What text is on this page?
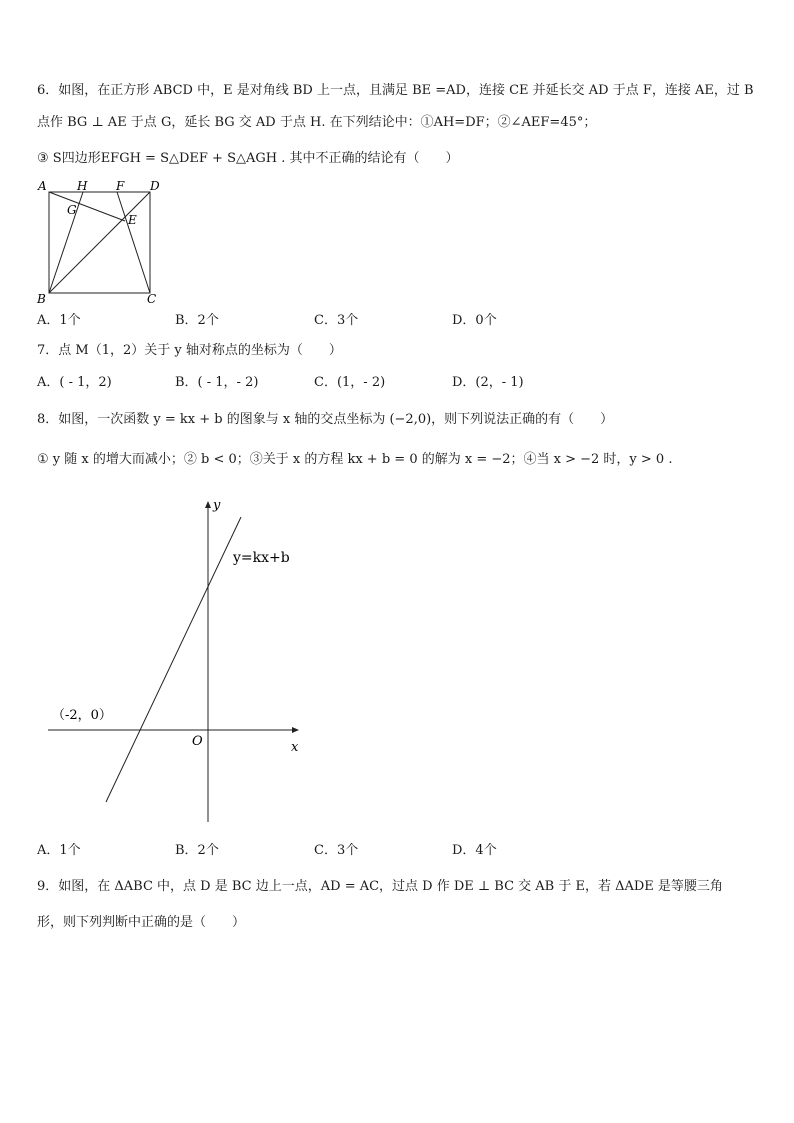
6．如图，在正方形 ABCD 中，E 是对角线 BD 上一点，且满足 BE =AD，连接 CE 并延长交 AD 于点 F，连接 AE，过 B
点作 BG ⊥ AE 于点 G，延长 BG 交 AD 于点 H. 在下列结论中：①AH=DF；②∠AEF=45°；
③ S四边形EFGH = S△DEF + S△AGH . 其中不正确的结论有（　　）
A	H F D
G
E
B	C
A．1个	B．2个	C．3个	D．0个
7．点 M（1，2）关于 y 轴对称点的坐标为（　　）
A．( - 1，2)	B．( - 1，- 2)	C．(1，- 2)	D．(2，- 1)
8．如图，一次函数 y = kx + b 的图象与 x 轴的交点坐标为 (−2,0)，则下列说法正确的有（　　）
① y 随 x 的增大而减小；② b < 0；③关于 x 的方程 kx + b = 0 的解为 x = −2；④当 x > −2 时，y > 0 .
y
x
O
y=kx+b
（-2，0）
A．1个	B．2个	C．3个	D．4个
9．如图，在 ΔABC 中，点 D 是 BC 边上一点，AD = AC，过点 D 作 DE ⊥ BC 交 AB 于 E，若 ΔADE 是等腰三角
形，则下列判断中正确的是（　　）
